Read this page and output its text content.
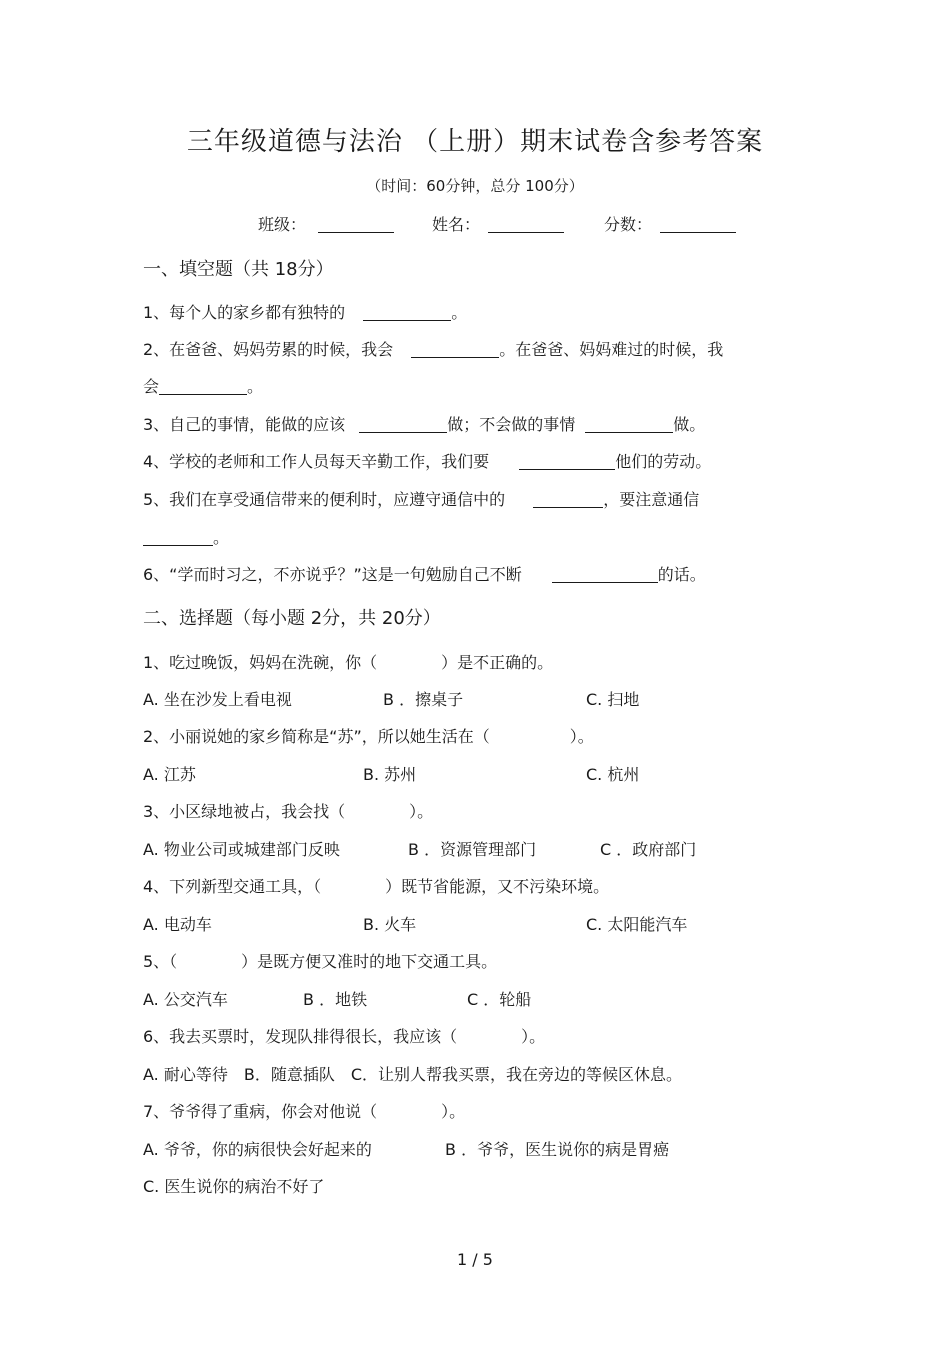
三年级道德与法治 （上册）期末试卷含参考答案
（时间：60分钟，总分 100分）
班级：	姓名：	分数：
一、填空题（共 18分）
1、每个人的家乡都有独特的	。
2、在爸爸、妈妈劳累的时候，我会	。在爸爸、妈妈难过的时候，我
会	。
3、自己的事情，能做的应该	做；不会做的事情	做。
4、学校的老师和工作人员每天辛勤工作，我们要	他们的劳动。
5、我们在享受通信带来的便利时，应遵守通信中的	，要注意通信
。
6、“学而时习之，不亦说乎？”这是一句勉励自己不断	的话。
二、选择题（每小题 2分，共 20分）
1、吃过晚饭，妈妈在洗碗，你（　　　　）是不正确的。
A. 坐在沙发上看电视	B ．擦桌子	C. 扫地
2、小丽说她的家乡简称是“苏”，所以她生活在（　　　　　）。
A. 江苏	B. 苏州	C. 杭州
3、小区绿地被占，我会找（　　　　）。
A. 物业公司或城建部门反映	B ．资源管理部门	C ．政府部门
4、下列新型交通工具，（　　　　）既节省能源，又不污染环境。
A. 电动车	B. 火车	C. 太阳能汽车
5、（　　　　）是既方便又准时的地下交通工具。
A. 公交汽车	B ．地铁	C ．轮船
6、我去买票时，发现队排得很长，我应该（　　　　）。
A. 耐心等待　B．随意插队　C．让别人帮我买票，我在旁边的等候区休息。
7、爷爷得了重病，你会对他说（　　　　）。
A. 爷爷，你的病很快会好起来的	B ．爷爷，医生说你的病是胃癌
C. 医生说你的病治不好了
1 / 5
